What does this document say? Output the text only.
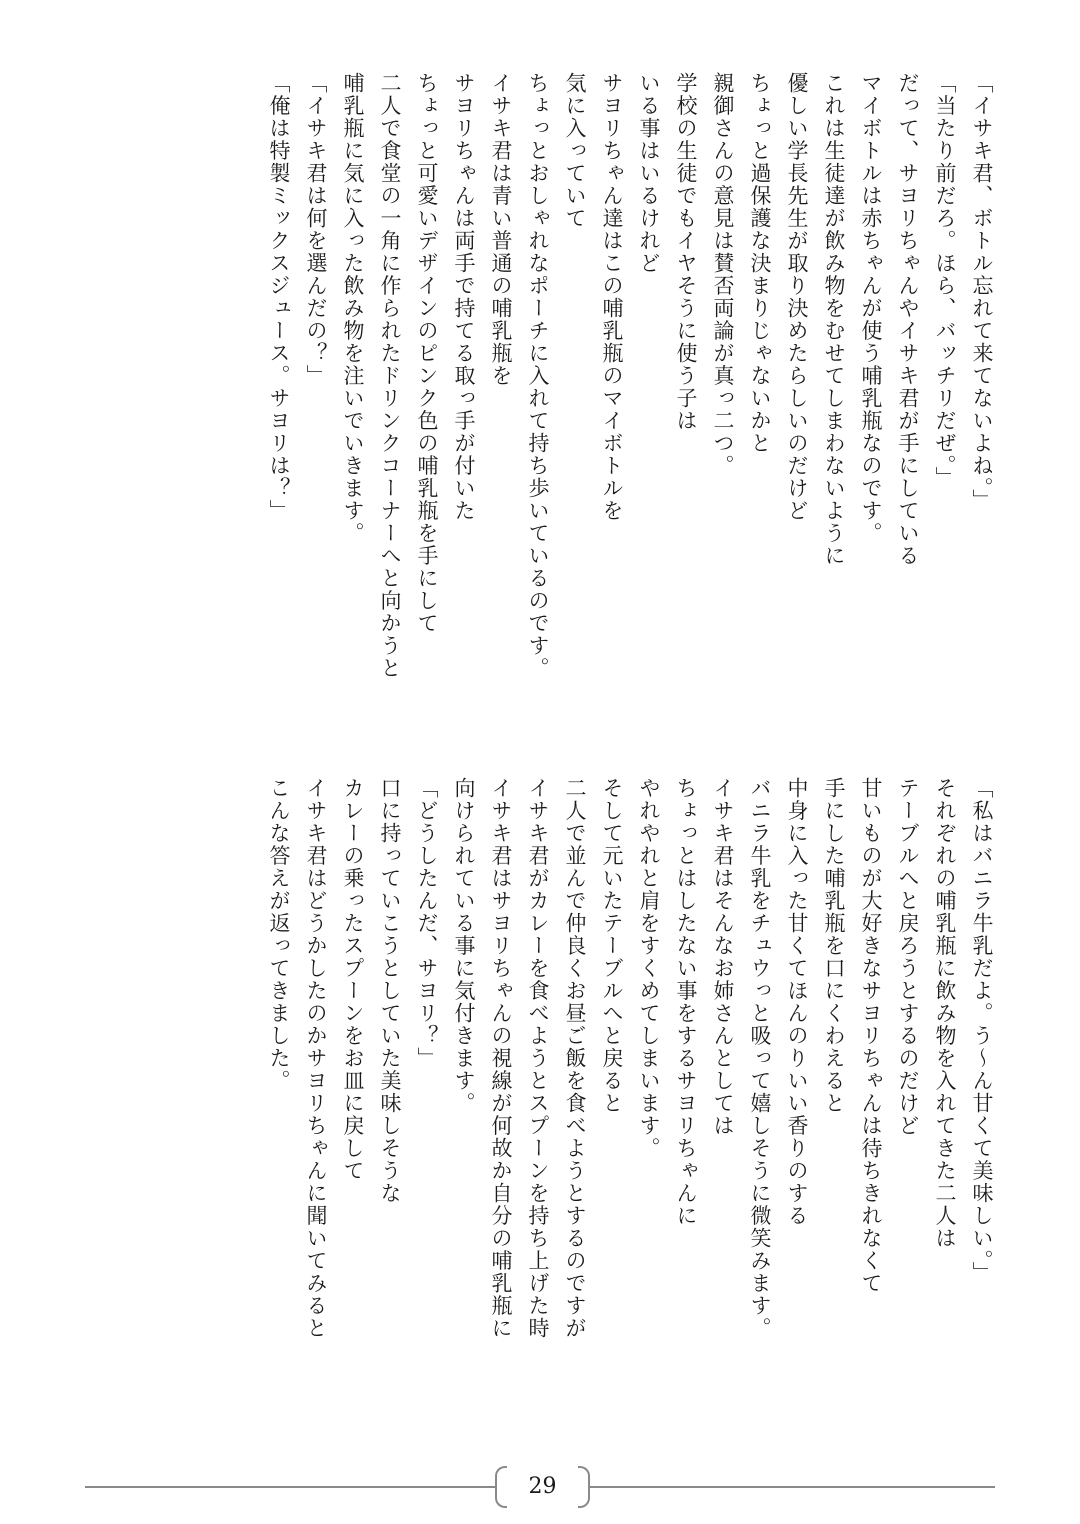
「イサキ君、ボトル忘れて来てないよね。」
「当たり前だろ。ほら、バッチリだぜ。」
だって、サヨリちゃんやイサキ君が手にしている
マイボトルは赤ちゃんが使う哺乳瓶なのです。
これは生徒達が飲み物をむせてしまわないように
優しい学長先生が取り決めたらしいのだけど
ちょっと過保護な決まりじゃないかと
親御さんの意見は賛否両論が真っ二つ。
学校の生徒でもイヤそうに使う子は
いる事はいるけれど
サヨリちゃん達はこの哺乳瓶のマイボトルを
気に入っていて
ちょっとおしゃれなポーチに入れて持ち歩いているのです。
イサキ君は青い普通の哺乳瓶を
サヨリちゃんは両手で持てる取っ手が付いた
ちょっと可愛いデザインのピンク色の哺乳瓶を手にして
二人で食堂の一角に作られたドリンクコーナーへと向かうと
哺乳瓶に気に入った飲み物を注いでいきます。
「イサキ君は何を選んだの？」
「俺は特製ミックスジュース。サヨリは？」
「私はバニラ牛乳だよ。う～ん甘くて美味しい。」
それぞれの哺乳瓶に飲み物を入れてきた二人は
テーブルへと戻ろうとするのだけど
甘いものが大好きなサヨリちゃんは待ちきれなくて
手にした哺乳瓶を口にくわえると
中身に入った甘くてほんのりいい香りのする
バニラ牛乳をチュウっと吸って嬉しそうに微笑みます。
イサキ君はそんなお姉さんとしては
ちょっとはしたない事をするサヨリちゃんに
やれやれと肩をすくめてしまいます。
そして元いたテーブルへと戻ると
二人で並んで仲良くお昼ご飯を食べようとするのですが
イサキ君がカレーを食べようとスプーンを持ち上げた時
イサキ君はサヨリちゃんの視線が何故か自分の哺乳瓶に
向けられている事に気付きます。
「どうしたんだ、サヨリ？」
口に持っていこうとしていた美味しそうな
カレーの乗ったスプーンをお皿に戻して
イサキ君はどうかしたのかサヨリちゃんに聞いてみると
こんな答えが返ってきました。
29
